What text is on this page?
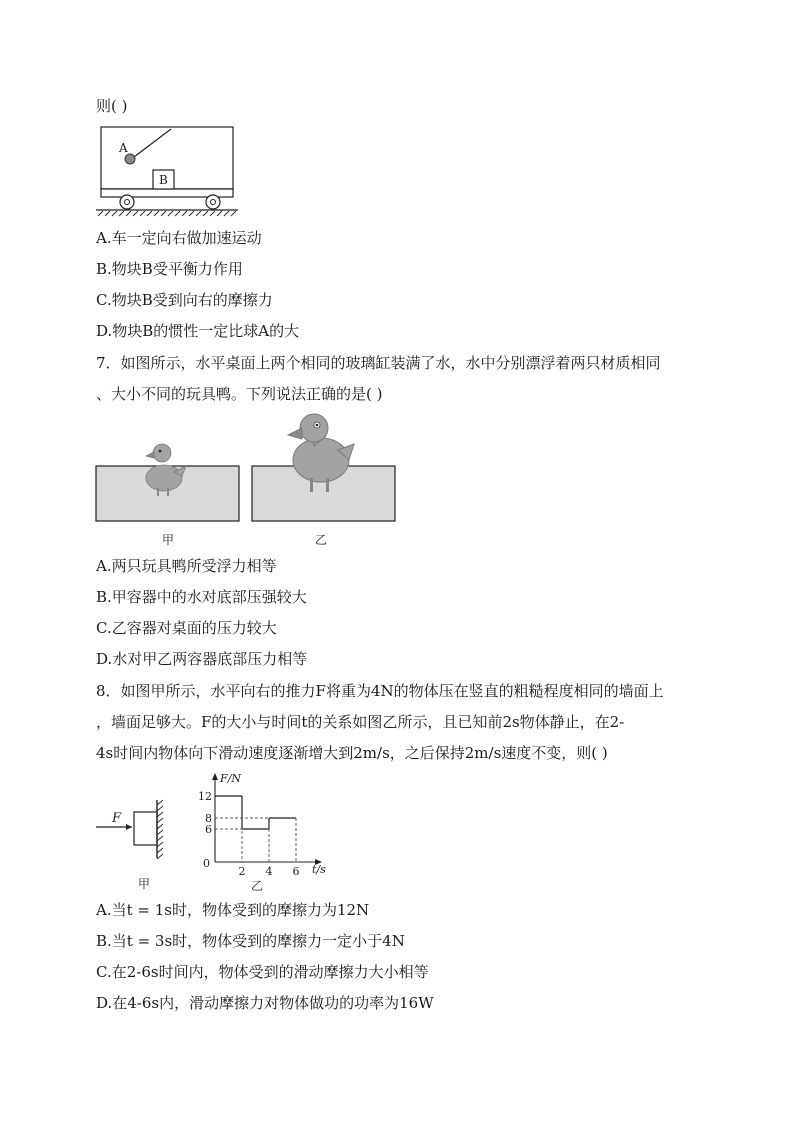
则( )
A
B
A.车一定向右做加速运动
B.物块B受平衡力作用
C.物块B受到向右的摩擦力
D.物块B的惯性一定比球A的大
7．如图所示，水平桌面上两个相同的玻璃缸装满了水，水中分别漂浮着两只材质相同
、大小不同的玩具鸭。下列说法正确的是( )
甲	乙
A.两只玩具鸭所受浮力相等
B.甲容器中的水对底部压强较大
C.乙容器对桌面的压力较大
D.水对甲乙两容器底部压力相等
8．如图甲所示，水平向右的推力F将重为4N的物体压在竖直的粗糙程度相同的墙面上
，墙面足够大。F的大小与时间t的关系如图乙所示，且已知前2s物体静止，在2-
4s时间内物体向下滑动速度逐渐增大到2m/s，之后保持2m/s速度不变，则( )
F
甲
F/N
t/s
0
6
8
12
2 4 6
乙
A.当t = 1s时，物体受到的摩擦力为12N
B.当t = 3s时，物体受到的摩擦力一定小于4N
C.在2-6s时间内，物体受到的滑动摩擦力大小相等
D.在4-6s内，滑动摩擦力对物体做功的功率为16W
